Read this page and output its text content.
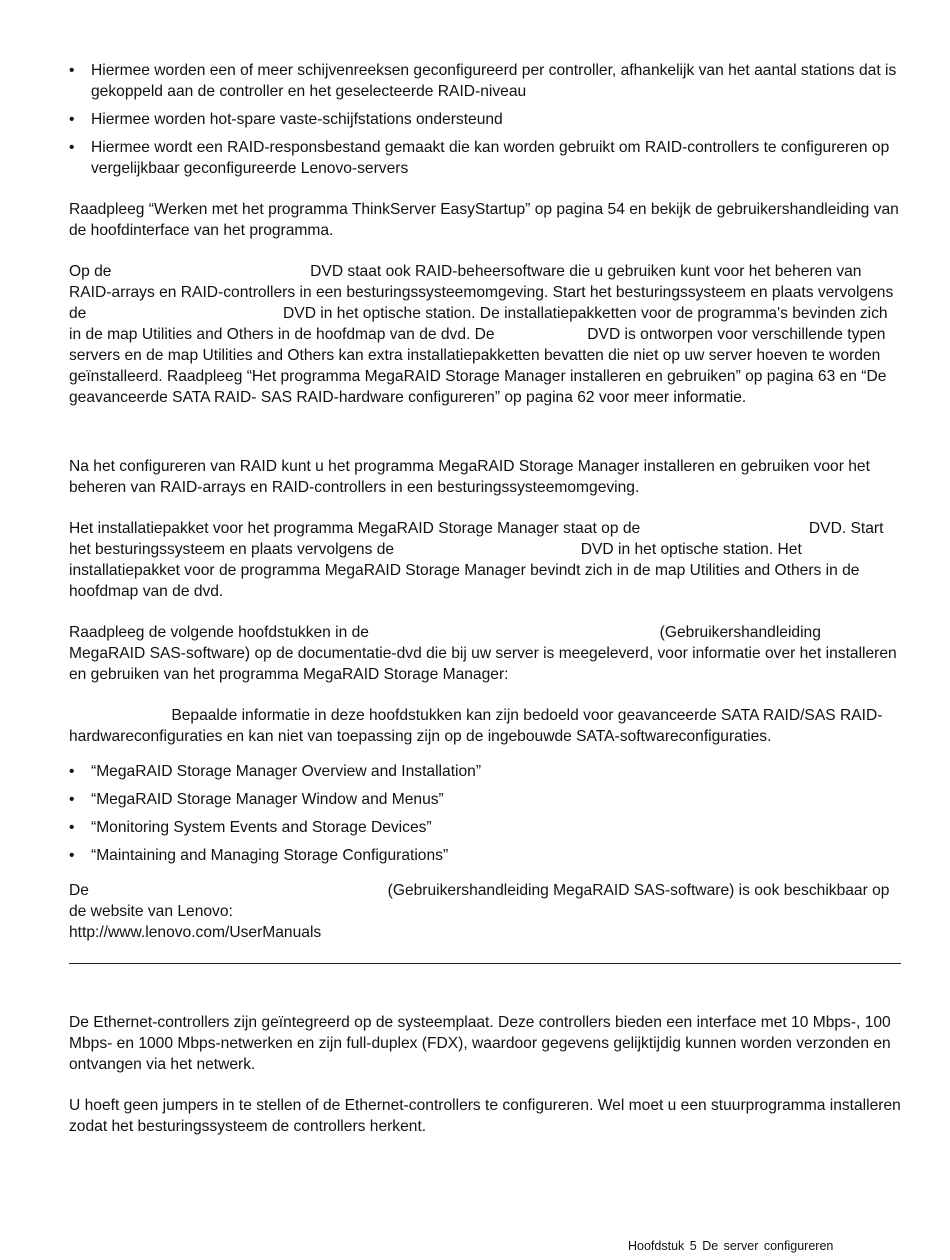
•	Hiermee worden een of meer schijvenreeksen geconfigureerd per controller, afhankelijk van het aantal stations dat is gekoppeld aan de controller en het geselecteerde RAID-niveau
•	Hiermee worden hot-spare vaste-schijfstations ondersteund
•	Hiermee wordt een RAID-responsbestand gemaakt die kan worden gebruikt om RAID-controllers te configureren op vergelijkbaar geconfigureerde Lenovo-servers

Raadpleeg “Werken met het programma ThinkServer EasyStartup” op pagina 54 en bekijk de gebruikershandleiding van de hoofdinterface van het programma.

Op de	DVD staat ook RAID-beheersoftware die u gebruiken kunt voor het beheren van RAID-arrays en RAID-controllers in een besturingssysteemomgeving. Start het besturingssysteem en plaats vervolgens de	DVD in het optische station. De installatiepakketten voor de programma's bevinden zich in de map Utilities and Others in de hoofdmap van de dvd. De	DVD is ontworpen voor verschillende typen servers en de map Utilities and Others kan extra installatiepakketten bevatten die niet op uw server hoeven te worden geïnstalleerd. Raadpleeg “Het programma MegaRAID Storage Manager installeren en gebruiken” op pagina 63 en “De geavanceerde SATA RAID- SAS RAID-hardware configureren” op pagina 62 voor meer informatie.

Na het configureren van RAID kunt u het programma MegaRAID Storage Manager installeren en gebruiken voor het beheren van RAID-arrays en RAID-controllers in een besturingssysteemomgeving.

Het installatiepakket voor het programma MegaRAID Storage Manager staat op de	DVD. Start het besturingssysteem en plaats vervolgens de	DVD in het optische station. Het installatiepakket voor de programma MegaRAID Storage Manager bevindt zich in de map Utilities and Others in de hoofdmap van de dvd.

Raadpleeg de volgende hoofdstukken in de	(Gebruikershandleiding MegaRAID SAS-software) op de documentatie-dvd die bij uw server is meegeleverd, voor informatie over het installeren en gebruiken van het programma MegaRAID Storage Manager:

Bepaalde informatie in deze hoofdstukken kan zijn bedoeld voor geavanceerde SATA RAID/SAS RAID-hardwareconfiguraties en kan niet van toepassing zijn op de ingebouwde SATA-softwareconfiguraties.

•	“MegaRAID Storage Manager Overview and Installation”
•	“MegaRAID Storage Manager Window and Menus”
•	“Monitoring System Events and Storage Devices”
•	“Maintaining and Managing Storage Configurations”

De	(Gebruikershandleiding MegaRAID SAS-software) is ook beschikbaar op de website van Lenovo:
http://www.lenovo.com/UserManuals

De Ethernet-controllers zijn geïntegreerd op de systeemplaat. Deze controllers bieden een interface met 10 Mbps-, 100 Mbps- en 1000 Mbps-netwerken en zijn full-duplex (FDX), waardoor gegevens gelijktijdig kunnen worden verzonden en ontvangen via het netwerk.

U hoeft geen jumpers in te stellen of de Ethernet-controllers te configureren. Wel moet u een stuurprogramma installeren zodat het besturingssysteem de controllers herkent.

Hoofdstuk 5 De server configureren
